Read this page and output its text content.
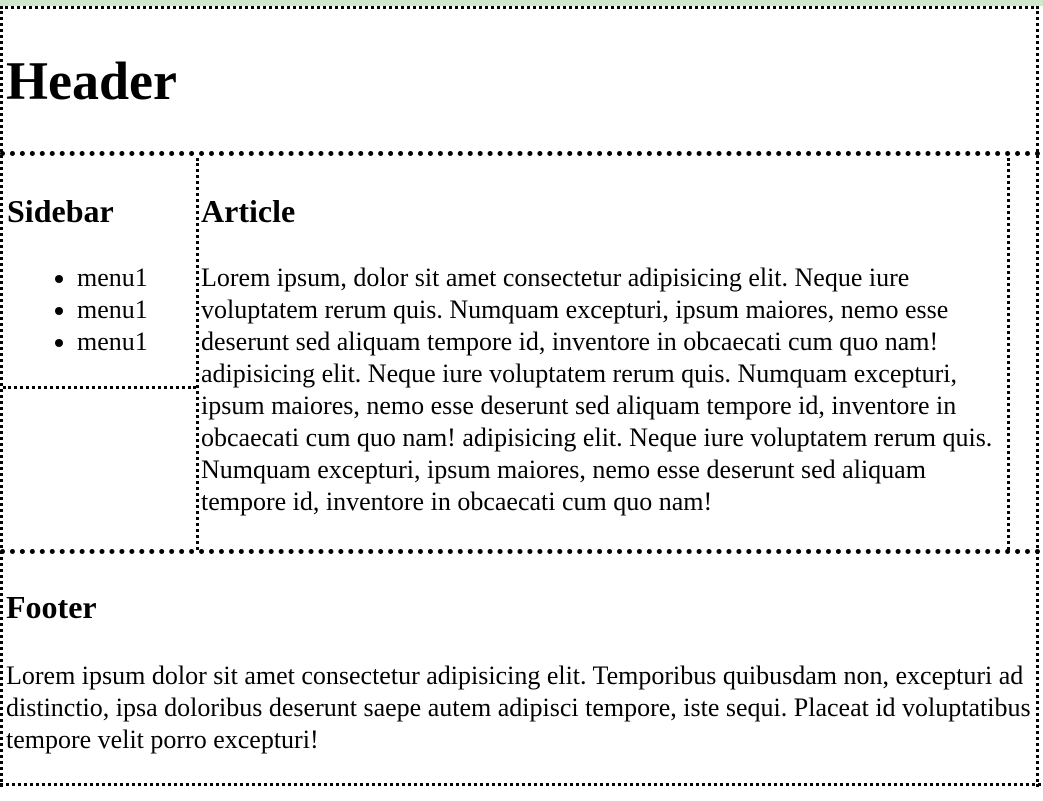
Header
Sidebar
• menu1
• menu1
• menu1
Article

Lorem ipsum, dolor sit amet consectetur adipisicing elit. Neque iure voluptatem rerum quis. Numquam excepturi, ipsum maiores, nemo esse deserunt sed aliquam tempore id, inventore in obcaecati cum quo nam! adipisicing elit. Neque iure voluptatem rerum quis. Numquam excepturi, ipsum maiores, nemo esse deserunt sed aliquam tempore id, inventore in obcaecati cum quo nam! adipisicing elit. Neque iure voluptatem rerum quis. Numquam excepturi, ipsum maiores, nemo esse deserunt sed aliquam tempore id, inventore in obcaecati cum quo nam!

Footer

Lorem ipsum dolor sit amet consectetur adipisicing elit. Temporibus quibusdam non, excepturi ad distinctio, ipsa doloribus deserunt saepe autem adipisci tempore, iste sequi. Placeat id voluptatibus tempore velit porro excepturi!
